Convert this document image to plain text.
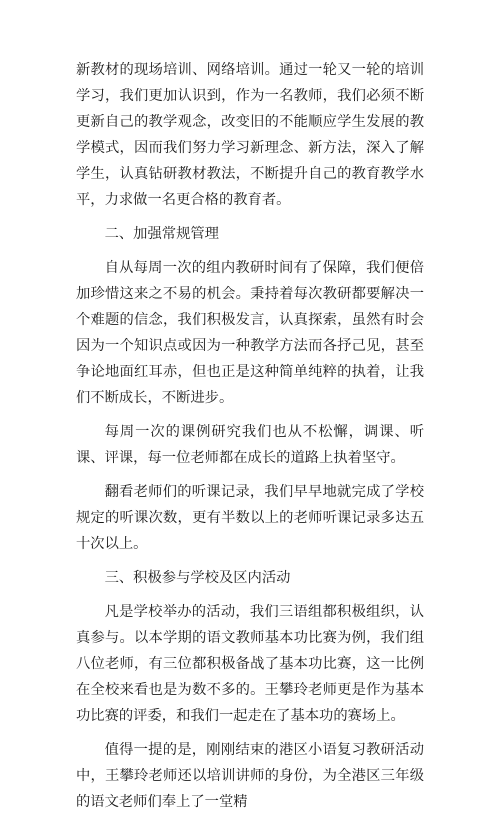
新教材的现场培训、网络培训。通过一轮又一轮的培训学习，我们更加认识到，作为一名教师，我们必须不断更新自己的教学观念，改变旧的不能顺应学生发展的教学模式，因而我们努力学习新理念、新方法，深入了解学生，认真钻研教材教法，不断提升自己的教育教学水平，力求做一名更合格的教育者。

二、加强常规管理

自从每周一次的组内教研时间有了保障，我们便倍加珍惜这来之不易的机会。秉持着每次教研都要解决一个难题的信念，我们积极发言，认真探索，虽然有时会因为一个知识点或因为一种教学方法而各抒己见，甚至争论地面红耳赤，但也正是这种简单纯粹的执着，让我们不断成长，不断进步。

每周一次的课例研究我们也从不松懈，调课、听课、评课，每一位老师都在成长的道路上执着坚守。

翻看老师们的听课记录，我们早早地就完成了学校规定的听课次数，更有半数以上的老师听课记录多达五十次以上。

三、积极参与学校及区内活动

凡是学校举办的活动，我们三语组都积极组织，认真参与。以本学期的语文教师基本功比赛为例，我们组八位老师，有三位都积极备战了基本功比赛，这一比例在全校来看也是为数不多的。王攀玲老师更是作为基本功比赛的评委，和我们一起走在了基本功的赛场上。

值得一提的是，刚刚结束的港区小语复习教研活动中，王攀玲老师还以培训讲师的身份，为全港区三年级的语文老师们奉上了一堂精
